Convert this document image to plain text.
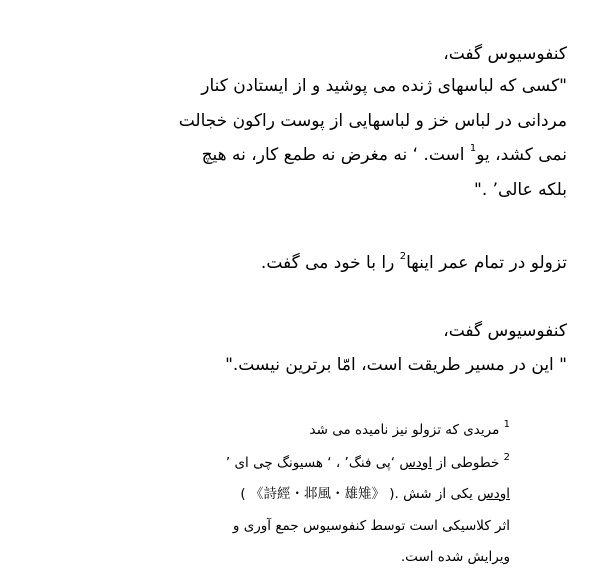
کنفوسیوس گفت،
"کسی که لباسهای ژنده می پوشید و از ایستادن کنار
مردانی در لباس خز و لباسهایی از پوست راکون خجالت
نمی کشد، یو$^1$ است. ‘ نه مغرض نه طمع کار، نه هیچ
بلکه عالی’ ."
تزولو در تمام عمر اینها$^2$ را با خود می گفت.
کنفوسیوس گفت،
" این در مسیر طریقت است، امّا برترین نیست."
$^1$ مریدی که تزولو نیز نامیده می شد
$^2$ خطوطی از اودس ‘پی فنگ’ ، ‘ هسیونگ چی ای ’
( 《詩經・邶風・雄雉》 ).	اودس یکی از شش
اثر کلاسیکی است توسط کنفوسیوس جمع آوری و
ویرایش شده است.
